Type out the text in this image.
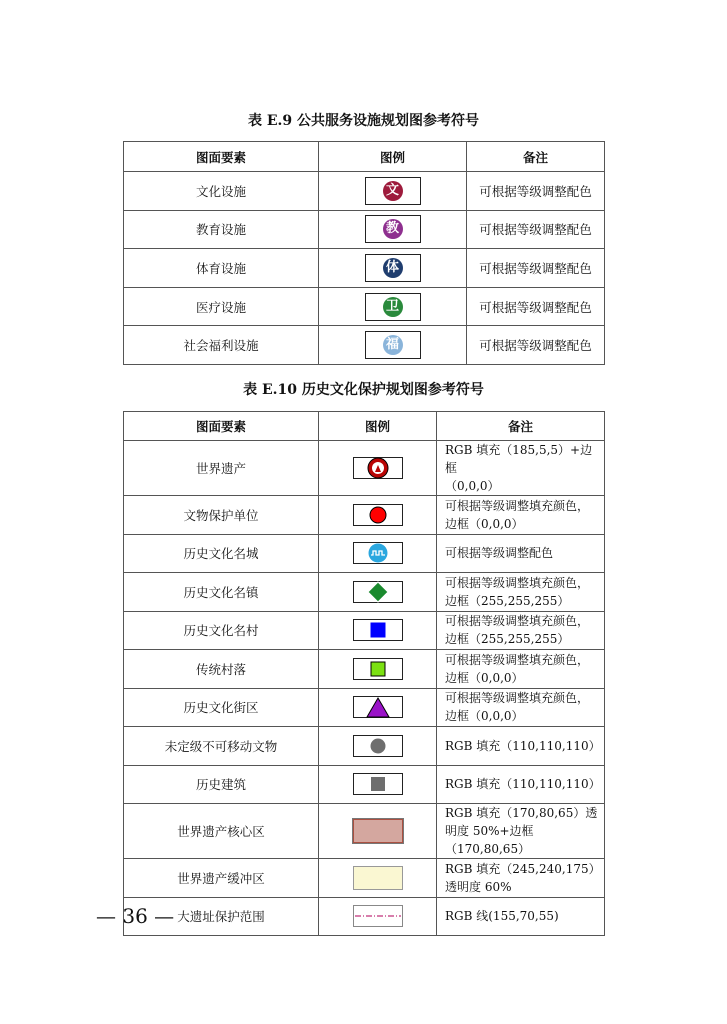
表 E.9 公共服务设施规划图参考符号
图面要素	图例	备注
文化设施	文	可根据等级调整配色
教育设施	教	可根据等级调整配色
体育设施	体	可根据等级调整配色
医疗设施	卫	可根据等级调整配色
社会福利设施	福	可根据等级调整配色
表 E.10 历史文化保护规划图参考符号
图面要素	图例	备注
世界遗产		RGB 填充（185,5,5）+边框
（0,0,0）
文物保护单位		可根据等级调整填充颜色，
边框（0,0,0）
历史文化名城		可根据等级调整配色
历史文化名镇		可根据等级调整填充颜色，
边框（255,255,255）
历史文化名村		可根据等级调整填充颜色，
边框（255,255,255）
传统村落		可根据等级调整填充颜色，
边框（0,0,0）
历史文化街区		可根据等级调整填充颜色，
边框（0,0,0）
未定级不可移动文物		RGB 填充（110,110,110）
历史建筑		RGB 填充（110,110,110）
世界遗产核心区		RGB 填充（170,80,65）透
明度 50%+边框（170,80,65）
世界遗产缓冲区		RGB 填充（245,240,175）
透明度 60%
大遗址保护范围		RGB 线(155,70,55)
— 36 —
